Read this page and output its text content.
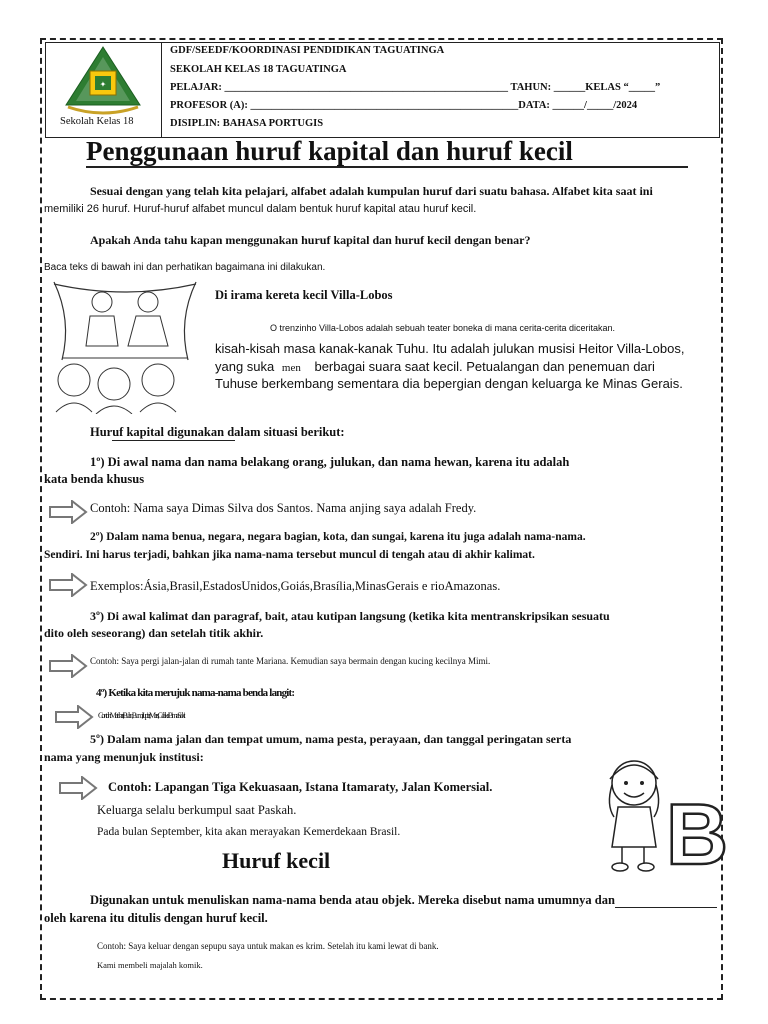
✦
Sekolah Kelas 18
GDF/SEEDF/KOORDINASI PENDIDIKAN TAGUATINGA
SEKOLAH KELAS 18 TAGUATINGA
PELAJAR: ______________________________________________________ TAHUN: ______KELAS “_____”
PROFESOR (A): ___________________________________________________DATA: ______/_____/2024
DISIPLIN: BAHASA PORTUGIS
Penggunaan huruf kapital dan huruf kecil
Sesuai dengan yang telah kita pelajari, alfabet adalah kumpulan huruf dari suatu bahasa. Alfabet kita saat ini
memiliki 26 huruf. Huruf-huruf alfabet muncul dalam bentuk huruf kapital atau huruf kecil.
Apakah Anda tahu kapan menggunakan huruf kapital dan huruf kecil dengan benar?
Baca teks di bawah ini dan perhatikan bagaimana ini dilakukan.
Di irama kereta kecil Villa-Lobos
O trenzinho Villa-Lobos adalah sebuah teater boneka di mana cerita-cerita diceritakan.
kisah-kisah masa kanak-kanak Tuhu. Itu adalah julukan musisi Heitor Villa-Lobos,
yang suka men berbagai suara saat kecil. Petualangan dan penemuan dari
Tuhuse berkembang sementara dia bepergian dengan keluarga ke Minas Gerais.
Huruf kapital digunakan dalam situasi berikut:
1º) Di awal nama dan nama belakang orang, julukan, dan nama hewan, karena itu adalah
kata benda khusus
Contoh: Nama saya Dimas Silva dos Santos. Nama anjing saya adalah Fredy.
2º) Dalam nama benua, negara, negara bagian, kota, dan sungai, karena itu juga adalah nama-nama.
Sendiri. Ini harus terjadi, bahkan jika nama-nama tersebut muncul di tengah atau di akhir kalimat.
Exemplos:Ásia,Brasil,EstadosUnidos,Goiás,Brasília,MinasGerais e rioAmazonas.
3º) Di awal kalimat dan paragraf, bait, atau kutipan langsung (ketika kita mentranskripsikan sesuatu
dito oleh seseorang) dan setelah titik akhir.
Contoh: Saya pergi jalan-jalan di rumah tante Mariana. Kemudian saya bermain dengan kucing kecilnya Mimi.
4º) Ketika kita merujuk nama-nama benda langit:
Contoh: Matahari, Bulan, Bumi, Jupiter, Mars, Galaksi Bima Sakti
5º) Dalam nama jalan dan tempat umum, nama pesta, perayaan, dan tanggal peringatan serta
nama yang menunjuk institusi:
Contoh: Lapangan Tiga Kekuasaan, Istana Itamaraty, Jalan Komersial.
Keluarga selalu berkumpul saat Paskah.
Pada bulan September, kita akan merayakan Kemerdekaan Brasil.	B
Huruf kecil
Digunakan untuk menuliskan nama-nama benda atau objek. Mereka disebut nama umumnya dan
oleh karena itu ditulis dengan huruf kecil.
Contoh: Saya keluar dengan sepupu saya untuk makan es krim. Setelah itu kami lewat di bank.
Kami membeli majalah komik.
